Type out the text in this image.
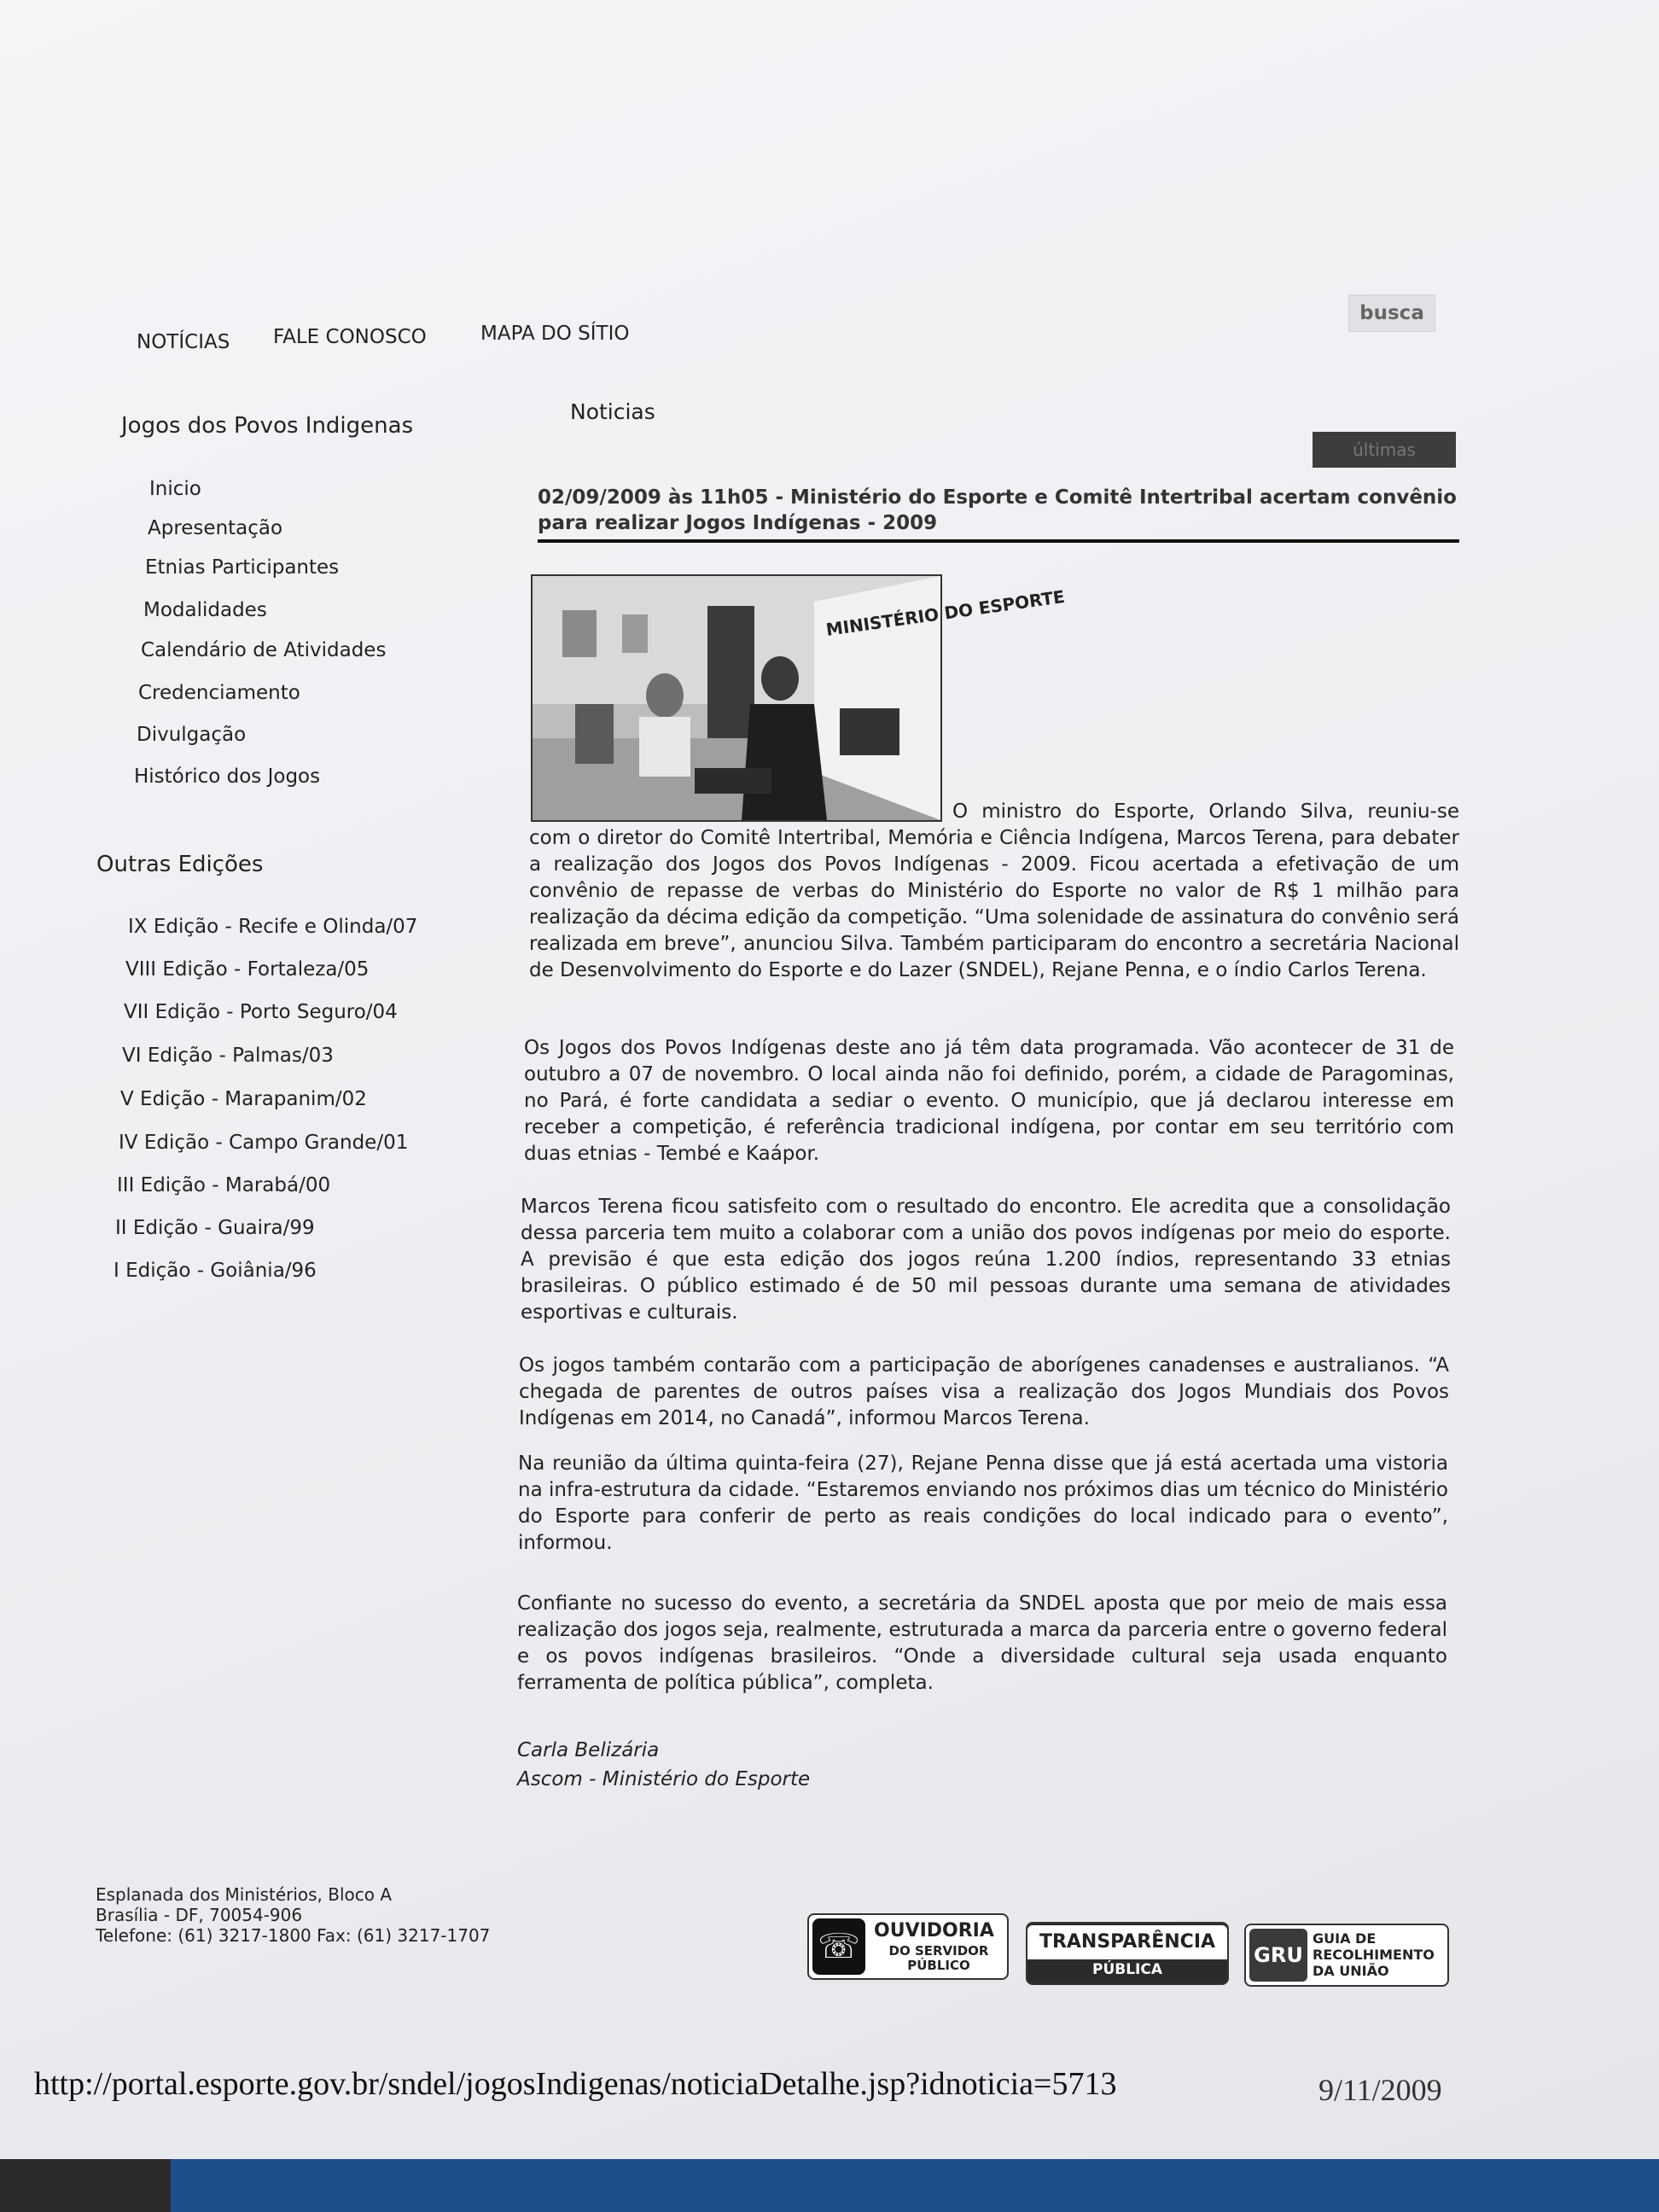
NOTÍCIAS FALE CONOSCO	MAPA DO SÍTIO
busca
Jogos dos Povos Indigenas
Inicio
Apresentação
Etnias Participantes
Modalidades
Calendário de Atividades
Credenciamento
Divulgação
Histórico dos Jogos
Outras Edições
IX Edição - Recife e Olinda/07
VIII Edição - Fortaleza/05
VII Edição - Porto Seguro/04
VI Edição - Palmas/03
V Edição - Marapanim/02
IV Edição - Campo Grande/01
III Edição - Marabá/00
II Edição - Guaira/99
I Edição - Goiânia/96
Noticias
últimas
02/09/2009 às 11h05 - Ministério do Esporte e Comitê Intertribal acertam convênio para realizar Jogos Indígenas - 2009
MINISTÉRIO DO ESPORTE
O ministro do Esporte, Orlando Silva, reuniu-se com o diretor do Comitê Intertribal, Memória e Ciência Indígena, Marcos Terena, para debater a realização dos Jogos dos Povos Indígenas - 2009. Ficou acertada a efetivação de um convênio de repasse de verbas do Ministério do Esporte no valor de R$ 1 milhão para realização da décima edição da competição. “Uma solenidade de assinatura do convênio será realizada em breve”, anunciou Silva. Também participaram do encontro a secretária Nacional de Desenvolvimento do Esporte e do Lazer (SNDEL), Rejane Penna, e o índio Carlos Terena.
Os Jogos dos Povos Indígenas deste ano já têm data programada. Vão acontecer de 31 de outubro a 07 de novembro. O local ainda não foi definido, porém, a cidade de Paragominas, no Pará, é forte candidata a sediar o evento. O município, que já declarou interesse em receber a competição, é referência tradicional indígena, por contar em seu território com duas etnias - Tembé e Kaápor.
Marcos Terena ficou satisfeito com o resultado do encontro. Ele acredita que a consolidação dessa parceria tem muito a colaborar com a união dos povos indígenas por meio do esporte. A previsão é que esta edição dos jogos reúna 1.200 índios, representando 33 etnias brasileiras. O público estimado é de 50 mil pessoas durante uma semana de atividades esportivas e culturais.
Os jogos também contarão com a participação de aborígenes canadenses e australianos. “A chegada de parentes de outros países visa a realização dos Jogos Mundiais dos Povos Indígenas em 2014, no Canadá”, informou Marcos Terena.
Na reunião da última quinta-feira (27), Rejane Penna disse que já está acertada uma vistoria na infra-estrutura da cidade. “Estaremos enviando nos próximos dias um técnico do Ministério do Esporte para conferir de perto as reais condições do local indicado para o evento”, informou.
Confiante no sucesso do evento, a secretária da SNDEL aposta que por meio de mais essa realização dos jogos seja, realmente, estruturada a marca da parceria entre o governo federal e os povos indígenas brasileiros. “Onde a diversidade cultural seja usada enquanto ferramenta de política pública”, completa.
Carla Belizária
Ascom - Ministério do Esporte
Esplanada dos Ministérios, Bloco A
Brasília - DF, 70054-906
Telefone: (61) 3217-1800 Fax: (61) 3217-1707	☏ OUVIDORIA
DO SERVIDOR PÚBLICO
TRANSPARÊNCIA
PÚBLICA
GRU
GUIA DE RECOLHIMENTO DA UNIÃO
http://portal.esporte.gov.br/sndel/jogosIndigenas/noticiaDetalhe.jsp?idnoticia=5713	9/11/2009
